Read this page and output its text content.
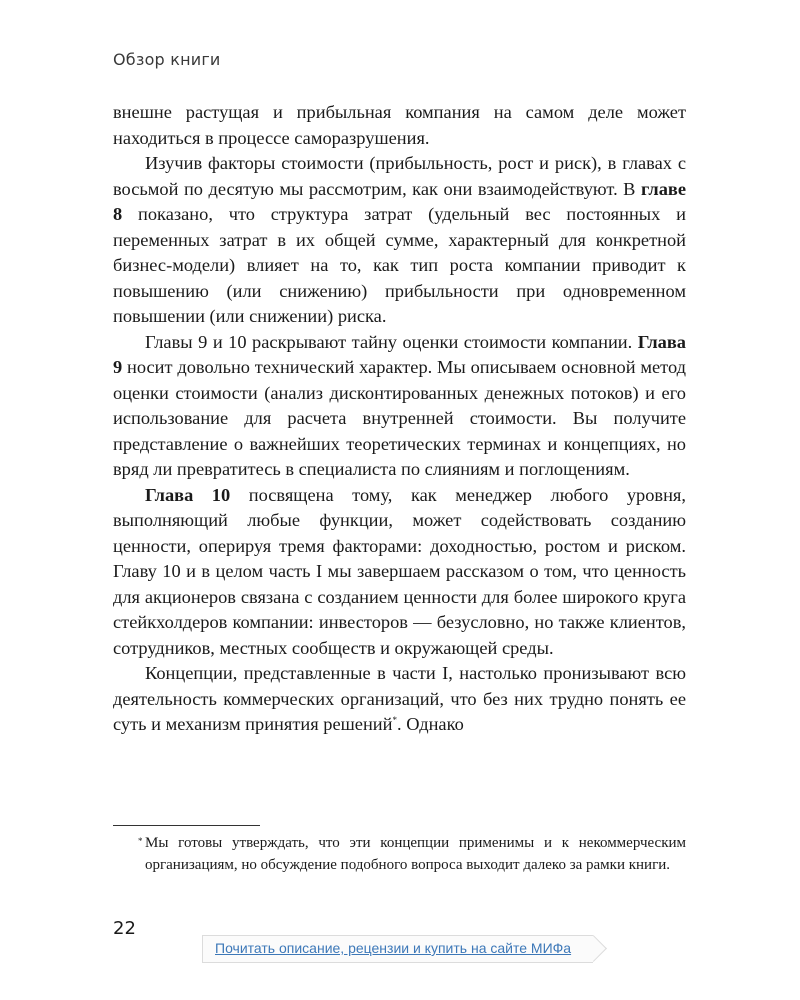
Обзор книги

внешне растущая и прибыльная компания на самом деле может находиться в процессе саморазрушения.

Изучив факторы стоимости (прибыльность, рост и риск), в главах с восьмой по десятую мы рассмотрим, как они взаимодействуют. В главе 8 показано, что структура затрат (удельный вес постоянных и переменных затрат в их общей сумме, характерный для конкретной бизнес-модели) влияет на то, как тип роста компании приводит к повышению (или снижению) прибыльности при одновременном повышении (или снижении) риска.

Главы 9 и 10 раскрывают тайну оценки стоимости компании. Глава 9 носит довольно технический характер. Мы описываем основной метод оценки стоимости (анализ дисконтированных денежных потоков) и его использование для расчета внутренней стоимости. Вы получите представление о важнейших теоретических терминах и концепциях, но вряд ли превратитесь в специалиста по слияниям и поглощениям.

Глава 10 посвящена тому, как менеджер любого уровня, выполняющий любые функции, может содействовать созданию ценности, оперируя тремя факторами: доходностью, ростом и риском. Главу 10 и в целом часть I мы завершаем рассказом о том, что ценность для акционеров связана с созданием ценности для более широкого круга стейкхолдеров компании: инвесторов — безусловно, но также клиентов, сотрудников, местных сообществ и окружающей среды.

Концепции, представленные в части I, настолько пронизывают всю деятельность коммерческих организаций, что без них трудно понять ее суть и механизм принятия решений*. Однако

* Мы готовы утверждать, что эти концепции применимы и к некоммерческим организациям, но обсуждение подобного вопроса выходит далеко за рамки книги.
22
Почитать описание, рецензии и купить на сайте МИФа
